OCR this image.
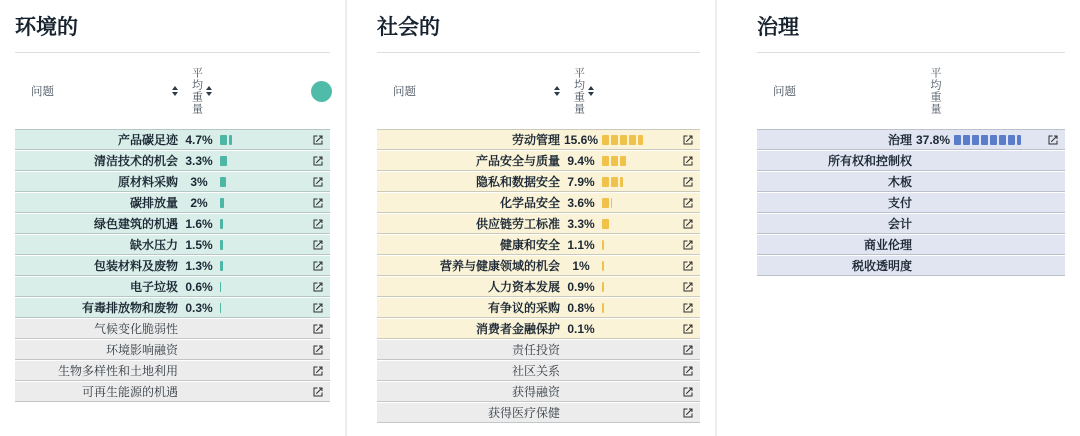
环境的
问题	平均重量
产品碳足迹 4.7%
清洁技术的机会 3.3%
原材料采购	3%
碳排放量	2%
绿色建筑的机遇 1.6%
缺水压力 1.5%
包装材料及废物 1.3%
电子垃圾 0.6%
有毒排放物和废物 0.3%
气候变化脆弱性
环境影响融资
生物多样性和土地利用
可再生能源的机遇
社会的
问题	平均重量
劳动管理 15.6%
产品安全与质量 9.4%
隐私和数据安全 7.9%
化学品安全 3.6%
供应链劳工标准 3.3%
健康和安全 1.1%
营养与健康领域的机会	1%
人力资本发展 0.9%
有争议的采购 0.8%
消费者金融保护 0.1%
责任投资
社区关系
获得融资
获得医疗保健
治理
问题	平均重量
治理 37.8%
所有权和控制权
木板
支付
会计
商业伦理
税收透明度
